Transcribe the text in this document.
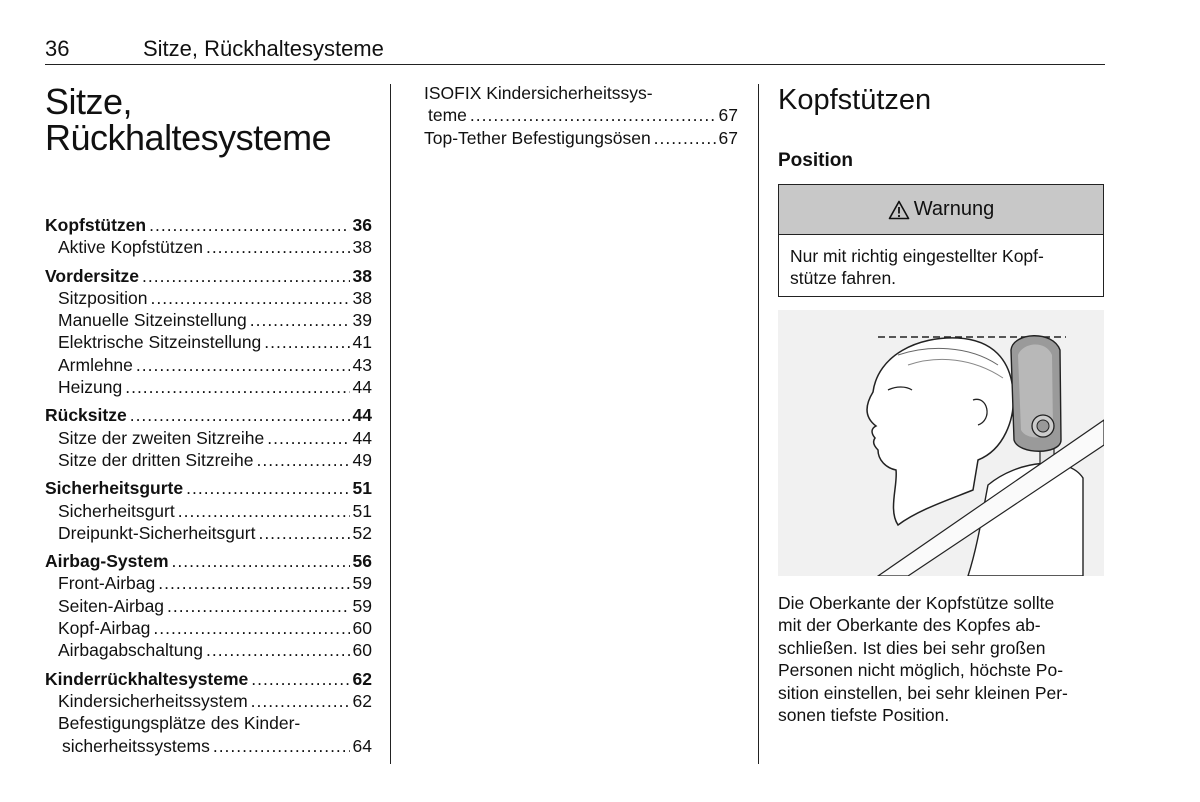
36	Sitze, Rückhaltesysteme
Sitze,
Rückhaltesysteme
Kopfstützen .....	36
Aktive Kopfstützen .....	38
Vordersitze .....	38
Sitzposition .....	38
Manuelle Sitzeinstellung .....	39
Elektrische Sitzeinstellung .....	41
Armlehne .....	43
Heizung .....	44
Rücksitze .....	44
Sitze der zweiten Sitzreihe .....	44
Sitze der dritten Sitzreihe .....	49
Sicherheitsgurte .....	51
Sicherheitsgurt .....	51
Dreipunkt-Sicherheitsgurt .....	52
Airbag-System .....	56
Front-Airbag .....	59
Seiten-Airbag .....	59
Kopf-Airbag .....	60
Airbagabschaltung .....	60
Kinderrückhaltesysteme .....	62
Kindersicherheitssystem .....	62
Befestigungsplätze des Kinder-
sicherheitssystems .....	64
ISOFIX Kindersicherheitssys-
teme .....	67
Top-Tether Befestigungsösen .....	67
Kopfstützen
Position
Warnung
Nur mit richtig eingestellter Kopf-
stütze fahren.
Die Oberkante der Kopfstütze sollte
mit der Oberkante des Kopfes ab-
schließen. Ist dies bei sehr großen
Personen nicht möglich, höchste Po-
sition einstellen, bei sehr kleinen Per-
sonen tiefste Position.
